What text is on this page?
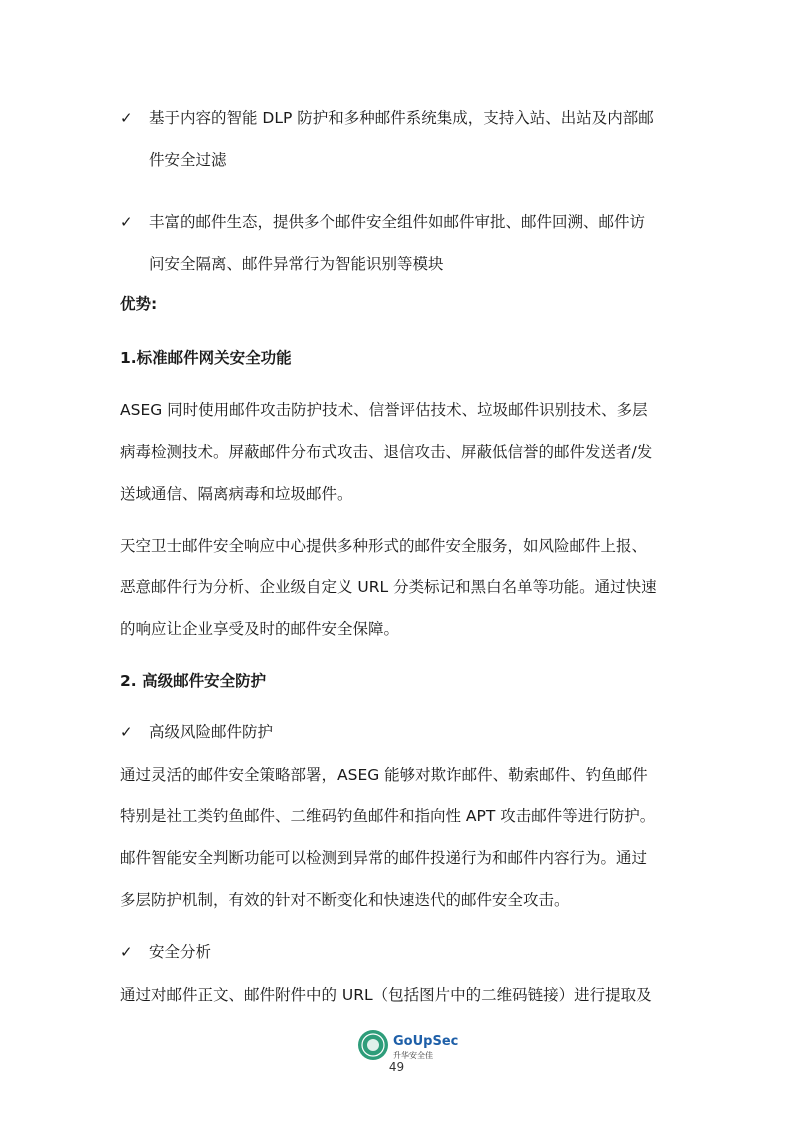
✓ 基于内容的智能 DLP 防护和多种邮件系统集成，支持入站、出站及内部邮
件安全过滤
✓ 丰富的邮件生态，提供多个邮件安全组件如邮件审批、邮件回溯、邮件访
问安全隔离、邮件异常行为智能识别等模块
优势:
1.标准邮件网关安全功能
ASEG 同时使用邮件攻击防护技术、信誉评估技术、垃圾邮件识别技术、多层
病毒检测技术。屏蔽邮件分布式攻击、退信攻击、屏蔽低信誉的邮件发送者/发
送域通信、隔离病毒和垃圾邮件。
天空卫士邮件安全响应中心提供多种形式的邮件安全服务，如风险邮件上报、
恶意邮件行为分析、企业级自定义 URL 分类标记和黑白名单等功能。通过快速
的响应让企业享受及时的邮件安全保障。
2. 高级邮件安全防护
✓ 高级风险邮件防护
通过灵活的邮件安全策略部署，ASEG 能够对欺诈邮件、勒索邮件、钓鱼邮件
特别是社工类钓鱼邮件、二维码钓鱼邮件和指向性 APT 攻击邮件等进行防护。
邮件智能安全判断功能可以检测到异常的邮件投递行为和邮件内容行为。通过
多层防护机制，有效的针对不断变化和快速迭代的邮件安全攻击。
✓ 安全分析
通过对邮件正文、邮件附件中的 URL（包括图片中的二维码链接）进行提取及
GoUpSec
升华安全佳
49
